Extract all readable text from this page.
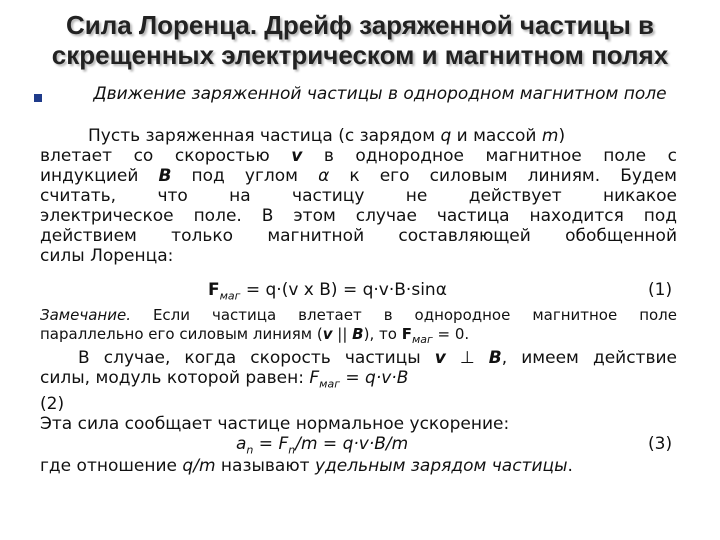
Сила Лоренца. Дрейф заряженной частицы в
скрещенных электрическом и магнитном полях
Движение заряженной частицы в однородном магнитном поле
Пусть заряженная частица (с зарядом q и массой m)
влетает со скоростью v в однородное магнитное поле с
индукцией B под углом α к его силовым линиям. Будем
считать, что на частицу не действует никакое
электрическое поле. В этом случае частица находится под
действием только магнитной составляющей обобщенной
силы Лоренца:
$F_{маг} = q\cdot(v$ x B) = q·v·B·sinα	(1)
Замечание. Если частица влетает в однородное магнитное поле
параллельно его силовым линиям (v || B), то $F_{маг} = 0$.
В случае, когда скорость частицы v ⊥ B, имеем действие
силы, модуль которой равен: $F_{маг} = q\cdot v\cdot B$
(2)
Эта сила сообщает частице нормальное ускорение:
$a_n = F_n/m = q\cdot v\cdot B/m$	(3)
где отношение q/m называют удельным зарядом частицы.
